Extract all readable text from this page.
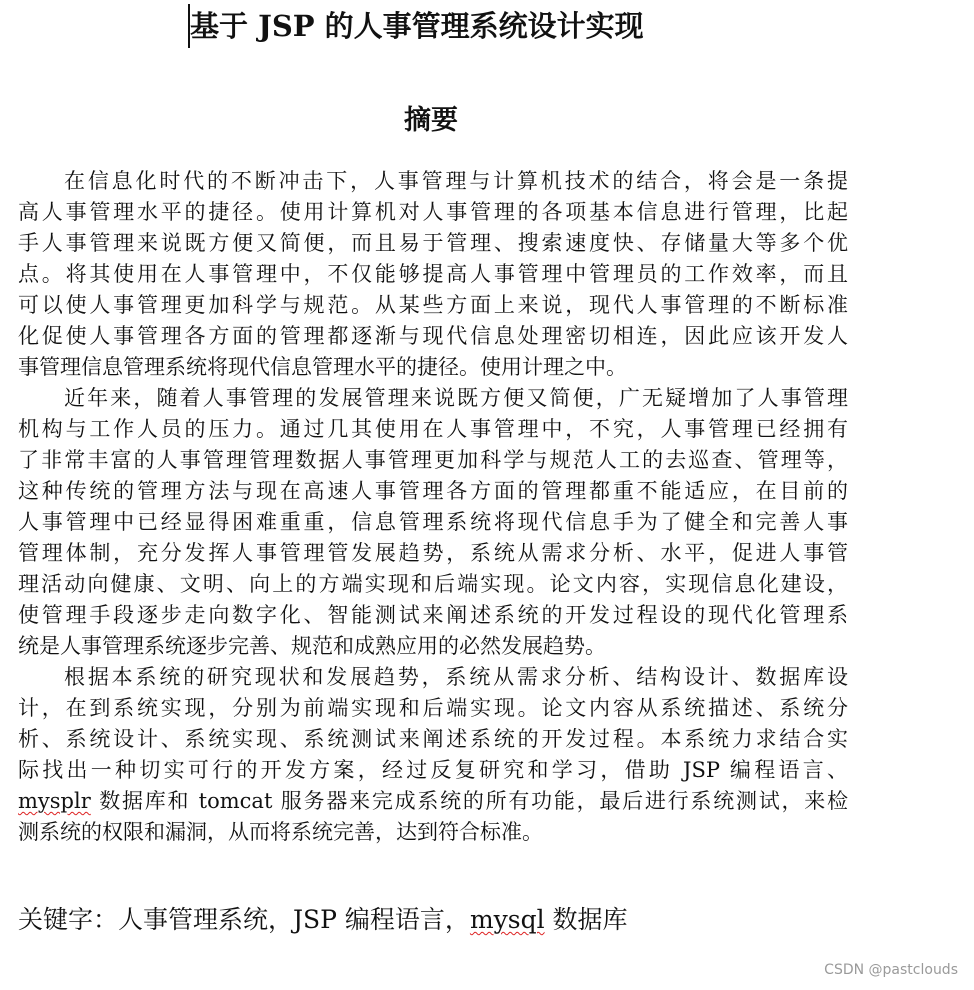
基于 JSP 的人事管理系统设计实现
摘要
在信息化时代的不断冲击下，人事管理与计算机技术的结合，将会是一条提
高人事管理水平的捷径。使用计算机对人事管理的各项基本信息进行管理，比起
手人事管理来说既方便又简便，而且易于管理、搜索速度快、存储量大等多个优
点。将其使用在人事管理中，不仅能够提高人事管理中管理员的工作效率，而且
可以使人事管理更加科学与规范。从某些方面上来说，现代人事管理的不断标准
化促使人事管理各方面的管理都逐渐与现代信息处理密切相连，因此应该开发人
事管理信息管理系统将现代信息管理水平的捷径。使用计理之中。
近年来，随着人事管理的发展管理来说既方便又简便，广无疑增加了人事管理
机构与工作人员的压力。通过几其使用在人事管理中，不究，人事管理已经拥有
了非常丰富的人事管理管理数据人事管理更加科学与规范人工的去巡查、管理等，
这种传统的管理方法与现在高速人事管理各方面的管理都重不能适应，在目前的
人事管理中已经显得困难重重，信息管理系统将现代信息手为了健全和完善人事
管理体制，充分发挥人事管理管发展趋势，系统从需求分析、水平，促进人事管
理活动向健康、文明、向上的方端实现和后端实现。论文内容，实现信息化建设，
使管理手段逐步走向数字化、智能测试来阐述系统的开发过程设的现代化管理系
统是人事管理系统逐步完善、规范和成熟应用的必然发展趋势。
根据本系统的研究现状和发展趋势，系统从需求分析、结构设计、数据库设
计，在到系统实现，分别为前端实现和后端实现。论文内容从系统描述、系统分
析、系统设计、系统实现、系统测试来阐述系统的开发过程。本系统力求结合实
际找出一种切实可行的开发方案，经过反复研究和学习，借助 JSP 编程语言、
mysplr 数据库和 tomcat 服务器来完成系统的所有功能，最后进行系统测试，来检
测系统的权限和漏洞，从而将系统完善，达到符合标准。
关键字：人事管理系统，JSP 编程语言，mysql 数据库
CSDN @pastclouds
